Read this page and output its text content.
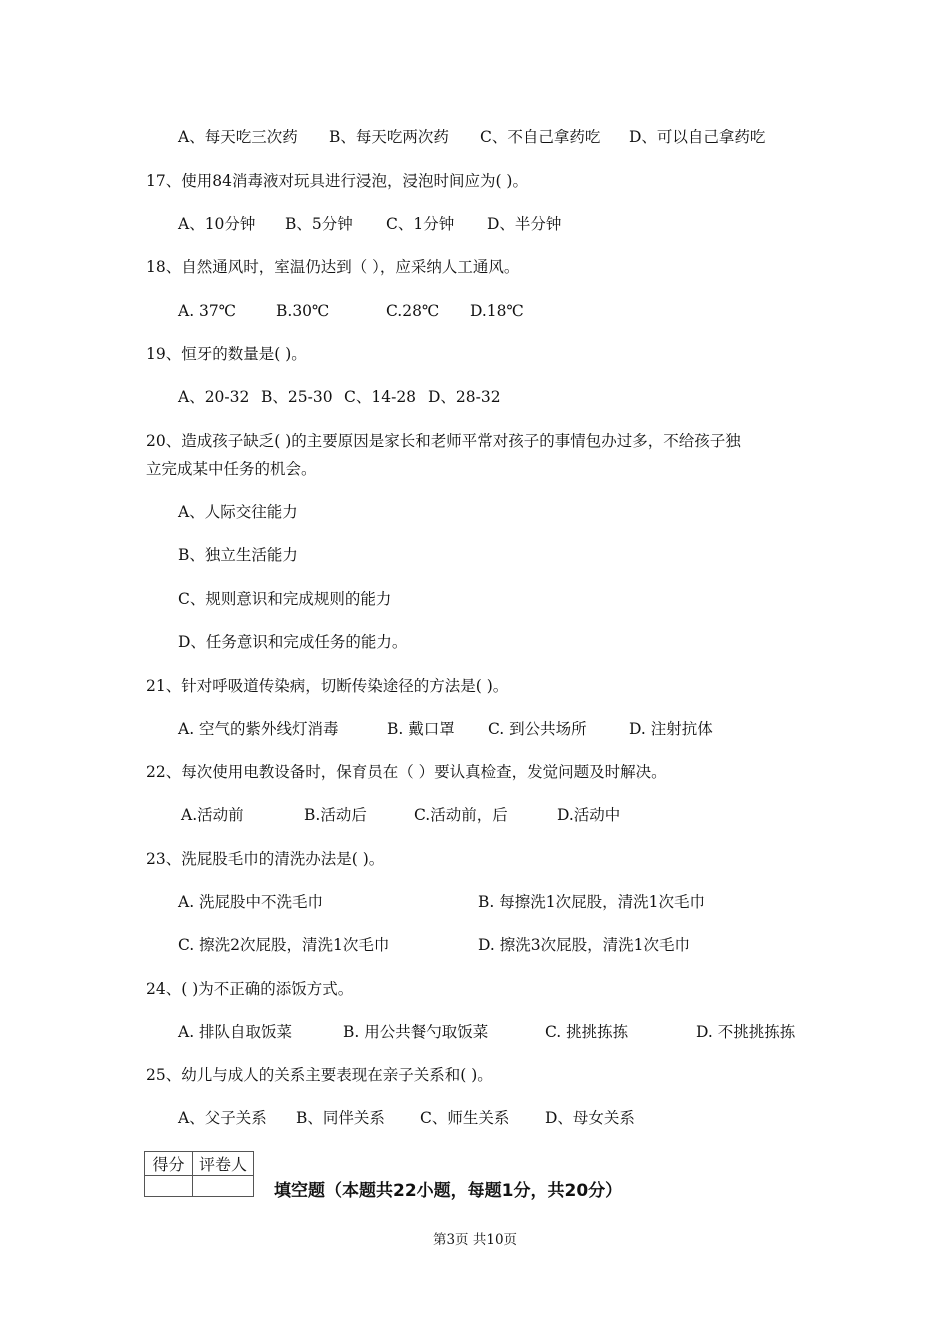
A、每天吃三次药 B、每天吃两次药 C、不自己拿药吃 D、可以自己拿药吃
17、使用84消毒液对玩具进行浸泡，浸泡时间应为( )。
A、10分钟 B、5分钟 C、1分钟 D、半分钟
18、自然通风时，室温仍达到（ ），应采纳人工通风。
A. 37℃	B.30℃	C.28℃ D.18℃
19、恒牙的数量是( )。
A、20-32 B、25-30 C、14-28 D、28-32
20、造成孩子缺乏( )的主要原因是家长和老师平常对孩子的事情包办过多，不给孩子独
立完成某中任务的机会。
A、人际交往能力
B、独立生活能力
C、规则意识和完成规则的能力
D、任务意识和完成任务的能力。
21、针对呼吸道传染病，切断传染途径的方法是( )。
A. 空气的紫外线灯消毒	B. 戴口罩 C. 到公共场所	D. 注射抗体
22、每次使用电教设备时，保育员在（ ）要认真检查，发觉问题及时解决。
A.活动前	B.活动后	C.活动前，后	D.活动中
23、洗屁股毛巾的清洗办法是( )。
A. 洗屁股中不洗毛巾	B. 每擦洗1次屁股，清洗1次毛巾
C. 擦洗2次屁股，清洗1次毛巾	D. 擦洗3次屁股，清洗1次毛巾
24、( )为不正确的添饭方式。
A. 排队自取饭菜	B. 用公共餐勺取饭菜	C. 挑挑拣拣	D. 不挑挑拣拣
25、幼儿与成人的关系主要表现在亲子关系和( )。
A、父子关系 B、同伴关系 C、师生关系 D、母女关系
得分	评卷人

填空题（本题共22小题，每题1分，共20分）
第3页 共10页
